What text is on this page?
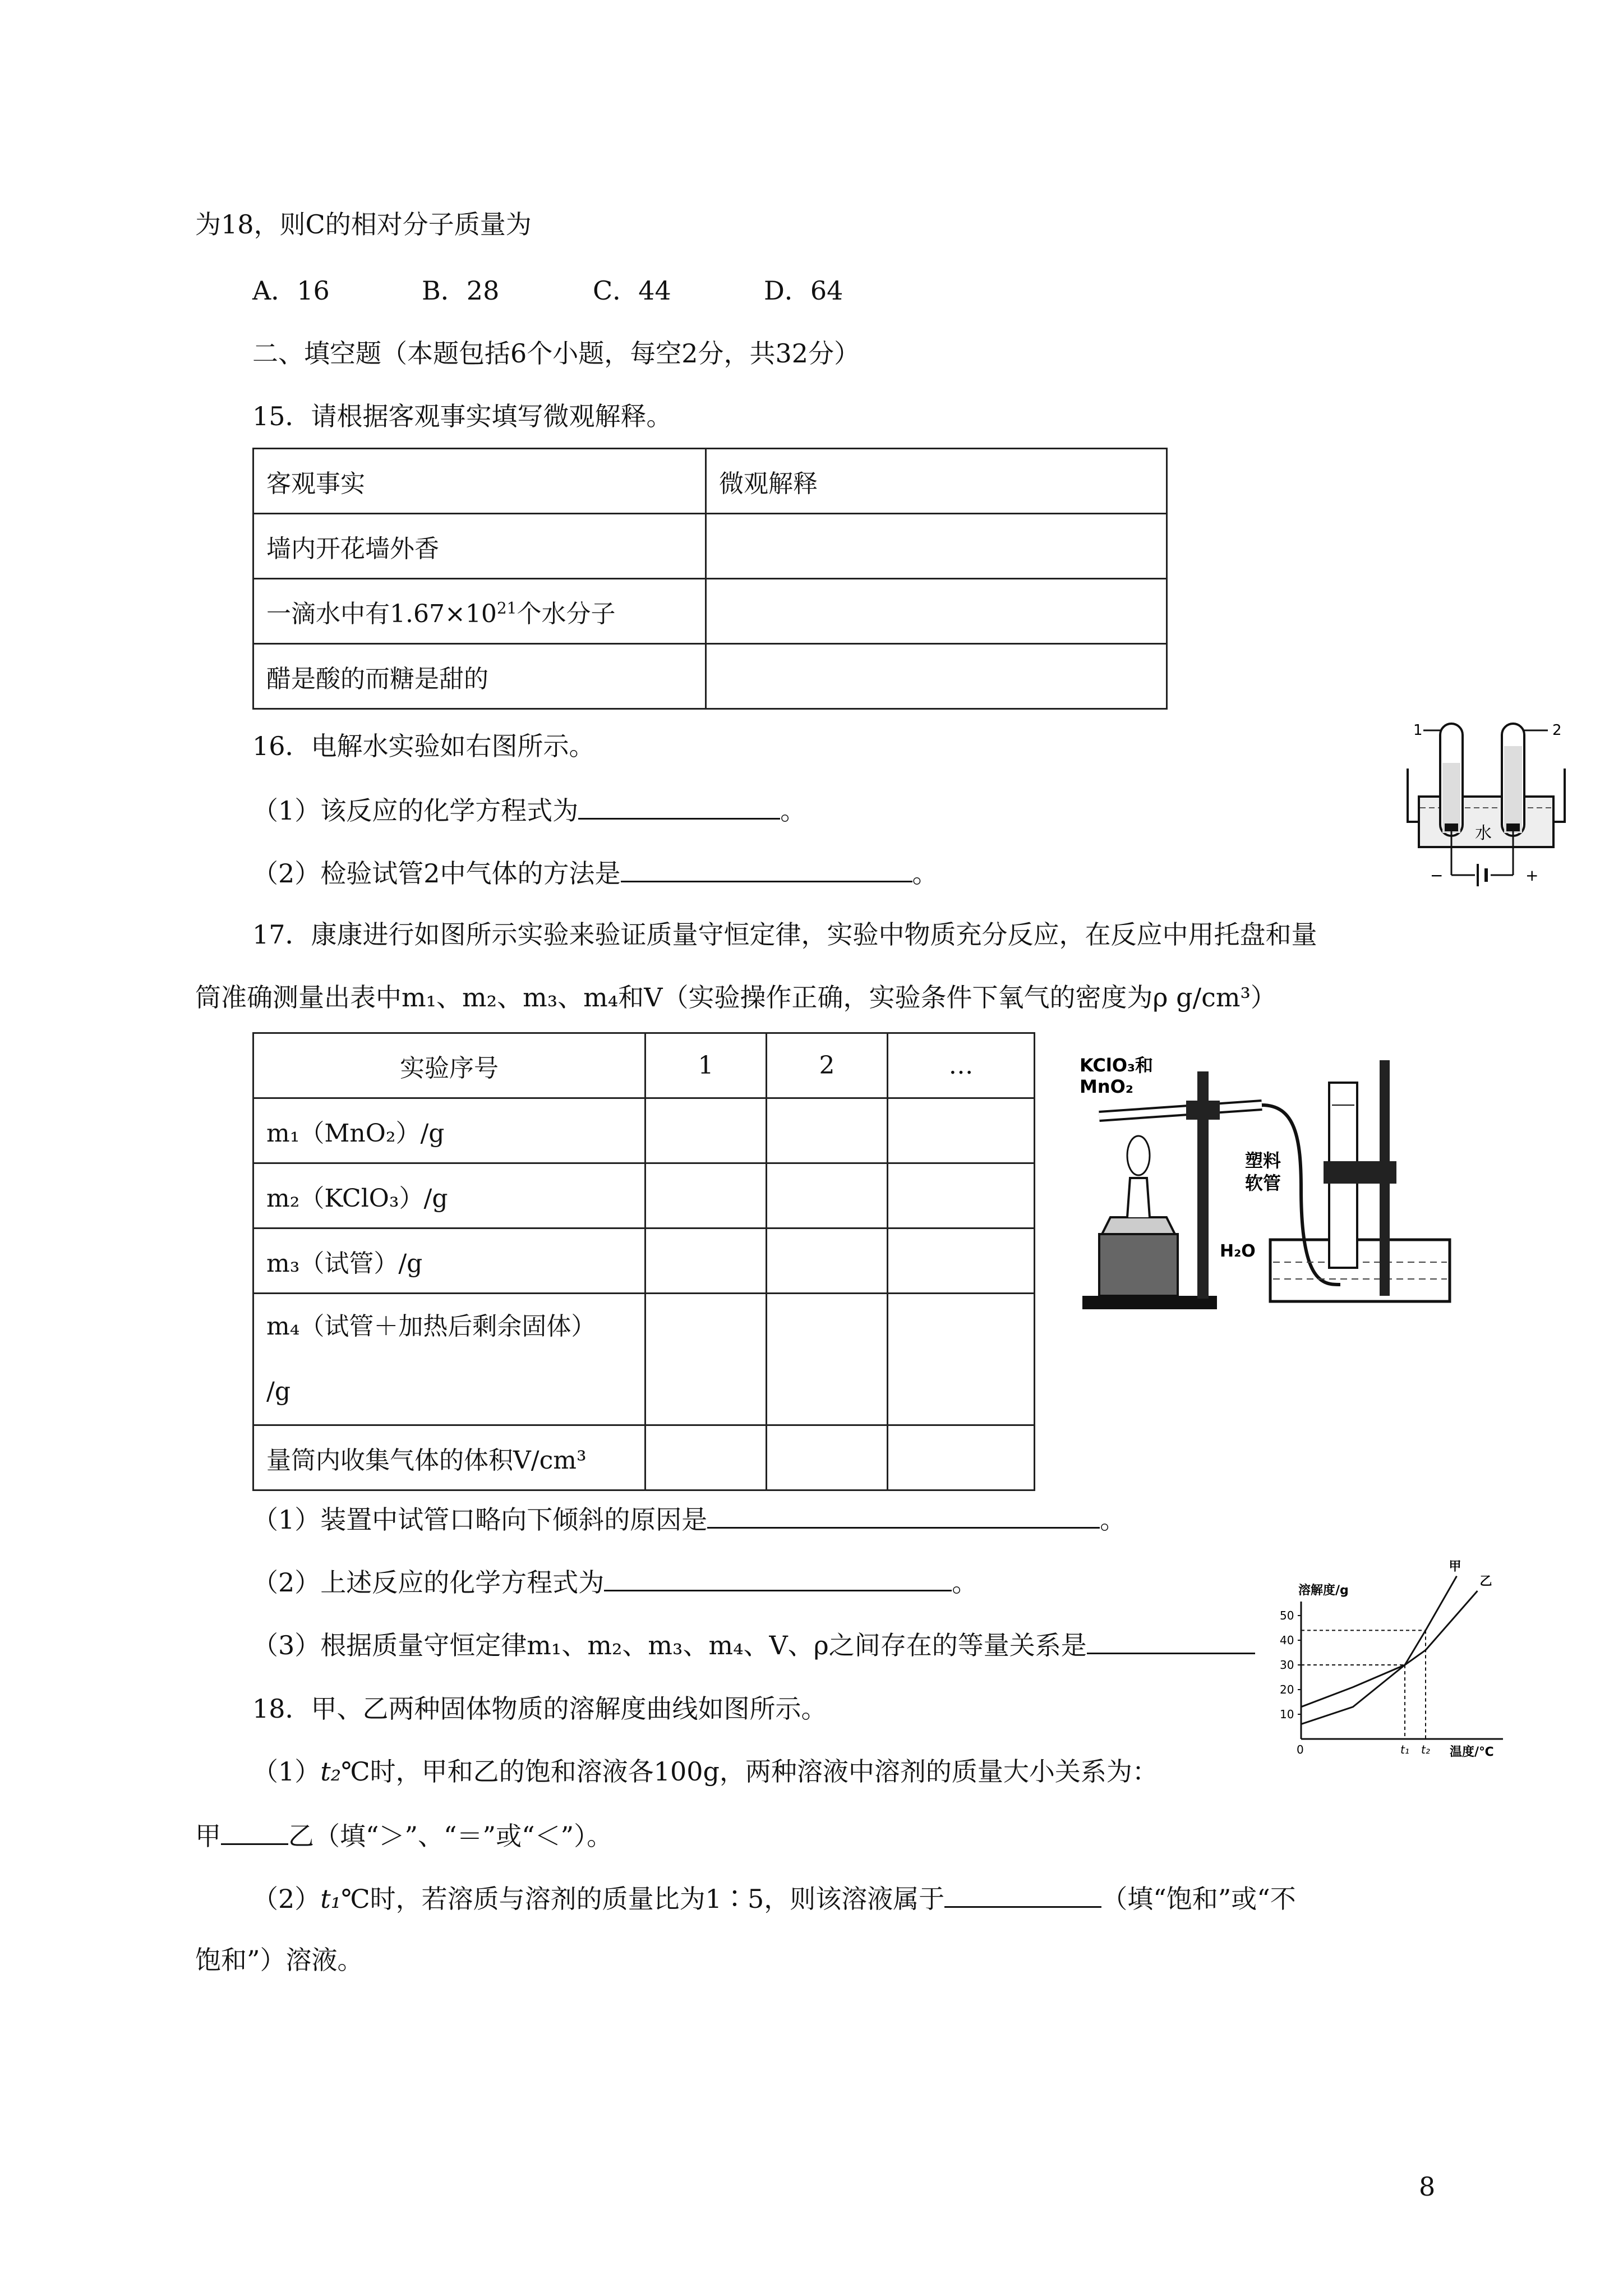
为18，则C的相对分子质量为
A．16	B．28	C．44	D．64
二、填空题（本题包括6个小题，每空2分，共32分）
15．请根据客观事实填写微观解释。
客观事实	微观解释
墙内开花墙外香	
一滴水中有$1.67\times 10^{21}$个水分子	
醋是酸的而糖是甜的	
16．电解水实验如右图所示。
（1）该反应的化学方程式为	。
（2）检验试管2中气体的方法是	。
1	2
水
−	+
17．康康进行如图所示实验来验证质量守恒定律，实验中物质充分反应，在反应中用托盘和量
筒准确测量出表中m₁、m₂、m₃、m₄和V（实验操作正确，实验条件下氧气的密度为ρ g/cm³）
实验序号	1	2	…
m₁（MnO₂）/g			
m₂（KClO₃）/g			
m₃（试管）/g			
m₄（试管＋加热后剩余固体）
/g			
量筒内收集气体的体积V/cm³			
KClO₃和
MnO₂
塑料
软管
H₂O
（1）装置中试管口略向下倾斜的原因是	。
（2）上述反应的化学方程式为	。
（3）根据质量守恒定律m₁、m₂、m₃、m₄、V、ρ之间存在的等量关系是
溶解度/g
温度/℃
10
20
30
40
50
0	t₁ t₂
甲
乙
18．甲、乙两种固体物质的溶解度曲线如图所示。
（1）t₂℃时，甲和乙的饱和溶液各100g，两种溶液中溶剂的质量大小关系为：
甲	乙（填“＞”、“＝”或“＜”）。
（2）t₁℃时，若溶质与溶剂的质量比为1∶5，则该溶液属于	（填“饱和”或“不
饱和”）溶液。
8
